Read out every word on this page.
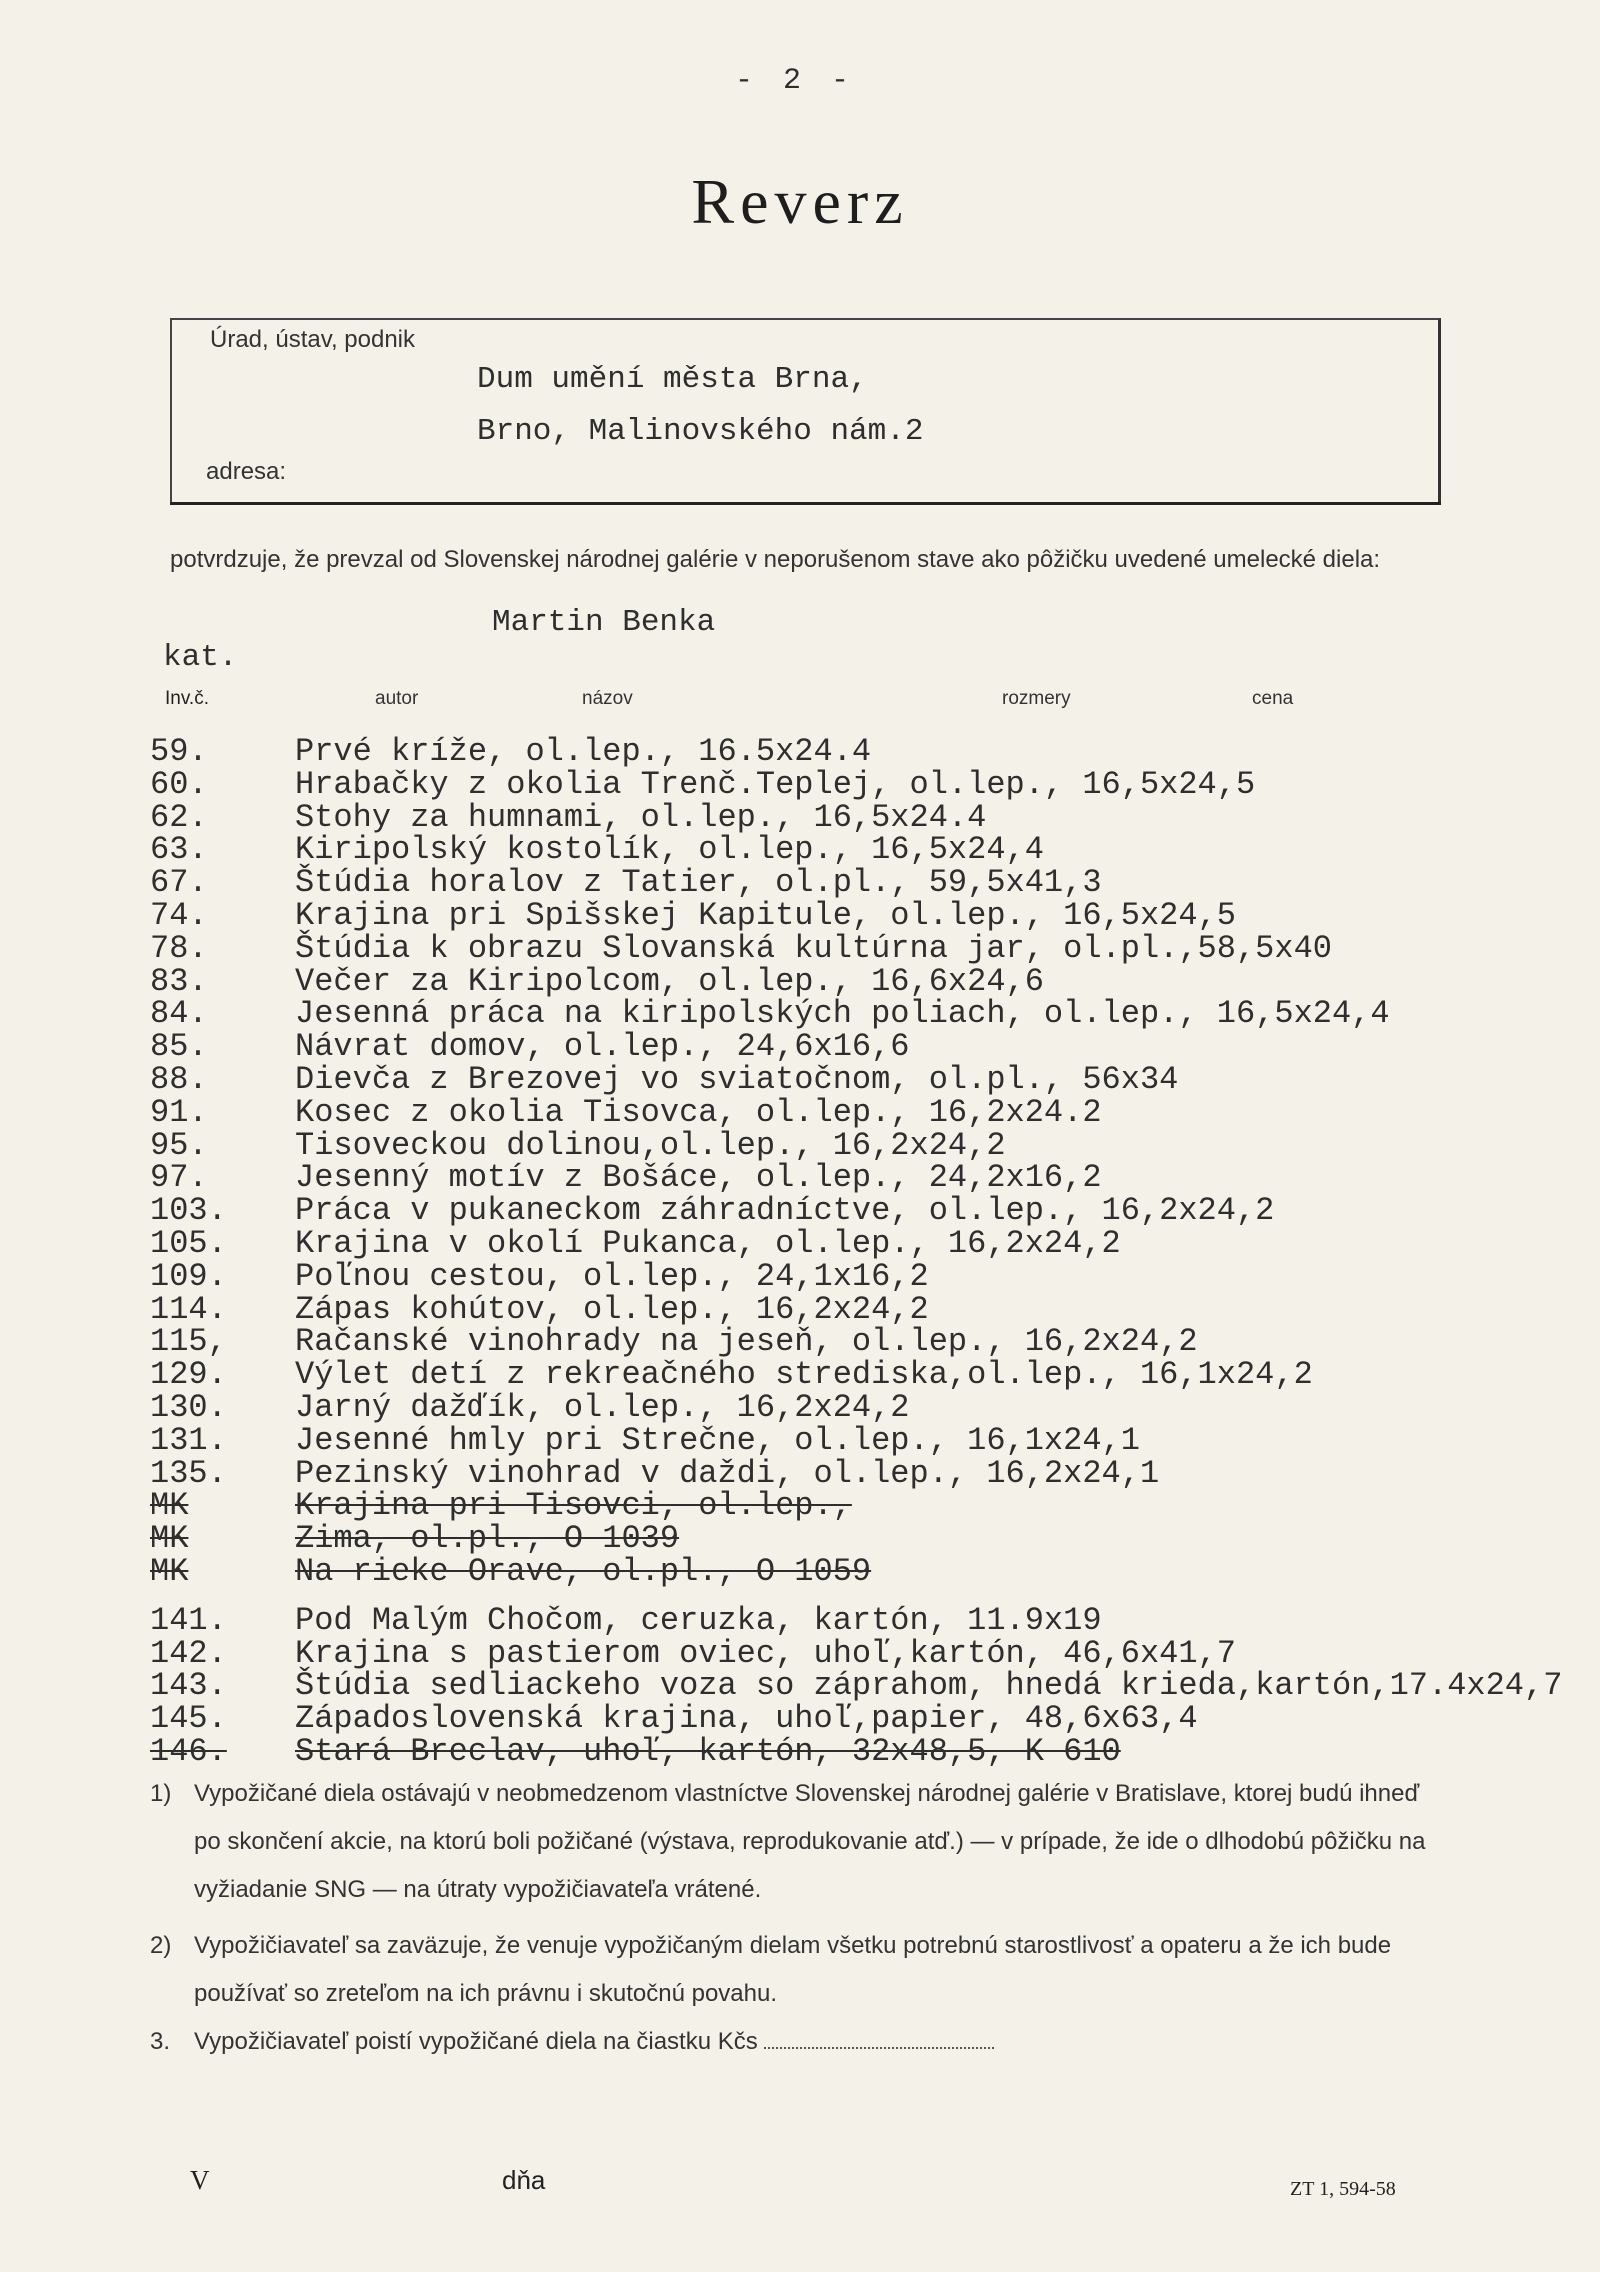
- 2 -
Reverz
Úrad, ústav, podnik
Dum umění města Brna,
Brno, Malinovského nám.2
adresa:
potvrdzuje, že prevzal od Slovenskej národnej galérie v neporušenom stave ako pôžičku uvedené umelecké diela:
Martin Benka
kat.
Inv.č.	autor	názov	rozmery	cena
59.	Prvé kríže, ol.lep., 16.5x24.4
60.	Hrabačky z okolia Trenč.Teplej, ol.lep., 16,5x24,5
62.	Stohy za humnami, ol.lep., 16,5x24.4
63.	Kiripolský kostolík, ol.lep., 16,5x24,4
67.	Štúdia horalov z Tatier, ol.pl., 59,5x41,3
74.	Krajina pri Spišskej Kapitule, ol.lep., 16,5x24,5
78.	Štúdia k obrazu Slovanská kultúrna jar, ol.pl.,58,5x40
83.	Večer za Kiripolcom, ol.lep., 16,6x24,6
84.	Jesenná práca na kiripolských poliach, ol.lep., 16,5x24,4
85.	Návrat domov, ol.lep., 24,6x16,6
88.	Dievča z Brezovej vo sviatočnom, ol.pl., 56x34
91.	Kosec z okolia Tisovca, ol.lep., 16,2x24.2
95.	Tisoveckou dolinou,ol.lep., 16,2x24,2
97.	Jesenný motív z Bošáce, ol.lep., 24,2x16,2
103.	Práca v pukaneckom záhradníctve, ol.lep., 16,2x24,2
105.	Krajina v okolí Pukanca, ol.lep., 16,2x24,2
109.	Poľnou cestou, ol.lep., 24,1x16,2
114.	Zápas kohútov, ol.lep., 16,2x24,2
115,	Račanské vinohrady na jeseň, ol.lep., 16,2x24,2
129.	Výlet detí z rekreačného strediska,ol.lep., 16,1x24,2
130.	Jarný dažďík, ol.lep., 16,2x24,2
131.	Jesenné hmly pri Strečne, ol.lep., 16,1x24,1
135.	Pezinský vinohrad v daždi, ol.lep., 16,2x24,1
MK	Krajina pri Tisovci, ol.lep.,
MK	Zima, ol.pl., O 1039
MK	Na rieke Orave, ol.pl., O 1059
141.	Pod Malým Chočom, ceruzka, kartón, 11.9x19
142.	Krajina s pastierom oviec, uhoľ,kartón, 46,6x41,7
143.	Štúdia sedliackeho voza so záprahom, hnedá krieda,kartón,17.4x24,7
145.	Západoslovenská krajina, uhoľ,papier, 48,6x63,4
146.	Stará Breclav, uhoľ, kartón, 32x48,5, K 610
1) Vypožičané diela ostávajú v neobmedzenom vlastníctve Slovenskej národnej galérie v Bratislave, ktorej budú ihneď po skončení akcie, na ktorú boli požičané (výstava, reprodukovanie atď.) — v prípade, že ide o dlhodobú pôžičku na vyžiadanie SNG — na útraty vypožičiavateľa vrátené.
2) Vypožičiavateľ sa zaväzuje, že venuje vypožičaným dielam všetku potrebnú starostlivosť a opateru a že ich bude používať so zreteľom na ich právnu i skutočnú povahu.
3. Vypožičiavateľ poistí vypožičané diela na čiastku Kčs
V	dňa	ZT 1, 594-58
